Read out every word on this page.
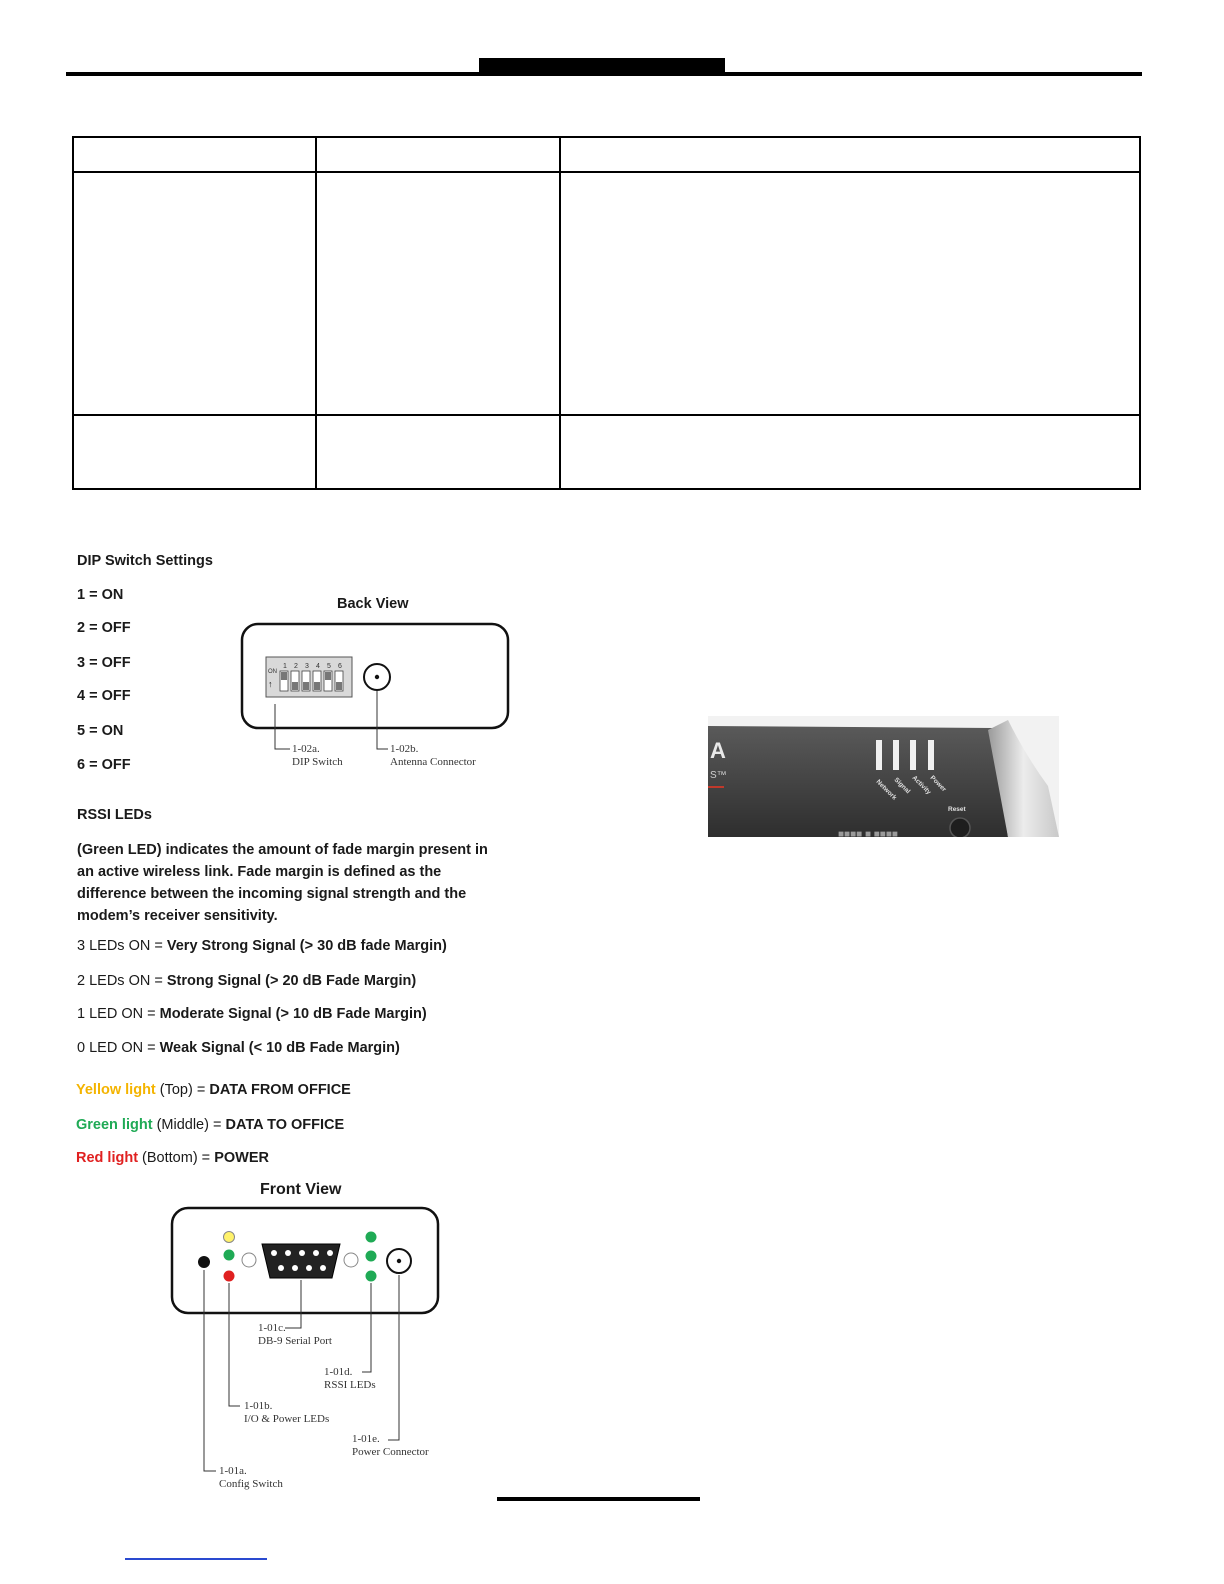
DIP Switch Settings
1 = ON
2 = OFF
3 = OFF
4 = OFF
5 = ON
6 = OFF
Back View
ON
↑
1 2 3 4 5 6
1-02a.
DIP Switch
1-02b.
Antenna Connector
RSSI LEDs
(Green LED) indicates the amount of fade margin present in an active wireless link. Fade margin is defined as the difference between the incoming signal strength and the modem’s receiver sensitivity.
3 LEDs ON = Very Strong Signal (> 30 dB fade Margin)
2 LEDs ON = Strong Signal (> 20 dB Fade Margin)
1 LED ON = Moderate Signal (> 10 dB Fade Margin)
0 LED ON = Weak Signal (< 10 dB Fade Margin)
Yellow light (Top) = DATA FROM OFFICE
Green light (Middle) = DATA TO OFFICE
Red light (Bottom) = POWER
Front View
1-01c.
DB-9 Serial Port
1-01d.
RSSI LEDs
1-01b.
I/O & Power LEDs
1-01e.
Power Connector
1-01a.
Config Switch
A
S™
Network
Signal Activity
Power
Reset
■■■■ ■ ■■■■
